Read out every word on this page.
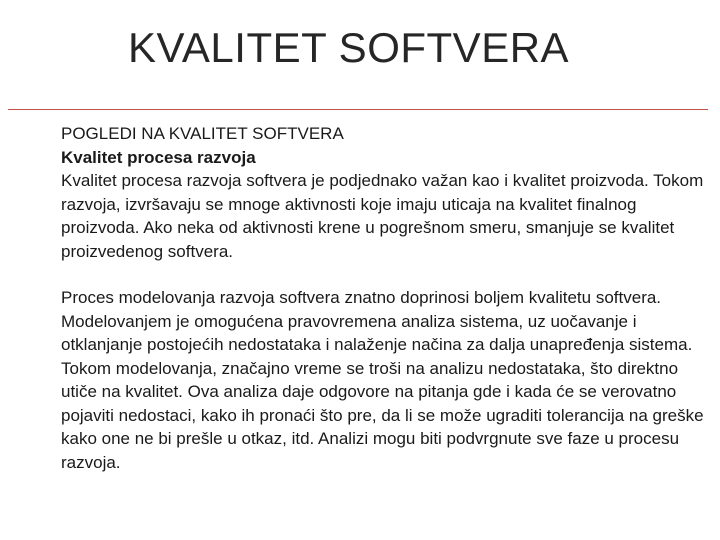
KVALITET SOFTVERA

POGLEDI NA KVALITET SOFTVERA

Kvalitet procesa razvoja

Kvalitet procesa razvoja softvera je podjednako važan kao i kvalitet proizvoda. Tokom razvoja, izvršavaju se mnoge aktivnosti koje imaju uticaja na kvalitet finalnog proizvoda. Ako neka od aktivnosti krene u pogrešnom smeru, smanjuje se kvalitet proizvedenog softvera.

Proces modelovanja razvoja softvera znatno doprinosi boljem kvalitetu softvera. Modelovanjem je omogućena pravovremena analiza sistema, uz uočavanje i otklanjanje postojećih nedostataka i nalaženje načina za dalja unapređenja sistema. Tokom modelovanja, značajno vreme se troši na analizu nedostataka, što direktno utiče na kvalitet. Ova analiza daje odgovore na pitanja gde i kada će se verovatno pojaviti nedostaci, kako ih pronaći što pre, da li se može ugraditi tolerancija na greške kako one ne bi prešle u otkaz, itd. Analizi mogu biti podvrgnute sve faze u procesu razvoja.
